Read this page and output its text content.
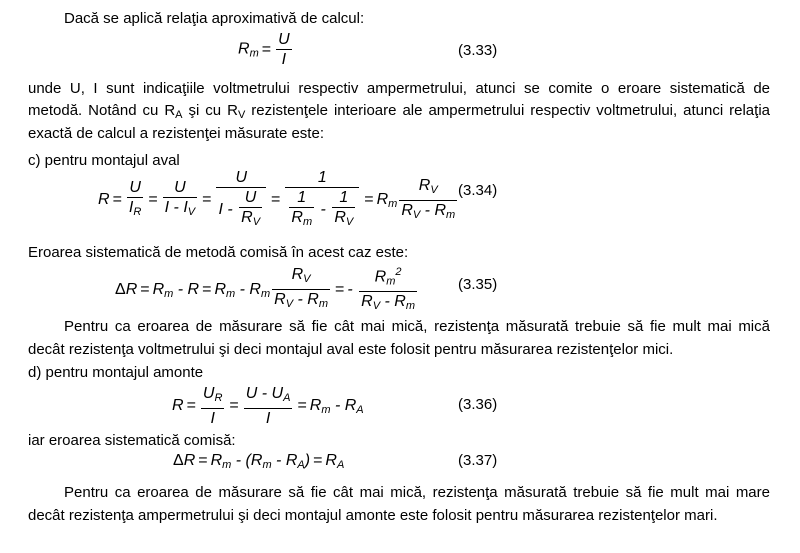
Dacă se aplică relaţia aproximativă de calcul:
$R_m = \frac{U}{I}$	(3.33)
unde U, I sunt indicaţiile voltmetrului respectiv ampermetrului, atunci se comite o eroare sistematică de
metodă. Notând cu $R_A$ şi cu $R_V$ rezistenţele interioare ale ampermetrului respectiv voltmetrului, atunci relaţia
exactă de calcul a rezistenţei măsurate este:
c) pentru montajul aval
$R = \frac{U}{I_R} = \frac{U}{I - I_V} = \frac{U}{I - \frac{U}{R_V}} = \frac{1}{\frac{1}{R_m} - \frac{1}{R_V}} = R_m \frac{R_V}{R_V - R_m} (3.34)$
Eroarea sistematică de metodă comisă în acest caz este:
$\Delta R = R_m - R = R_m - R_m \frac{R_V}{R_V - R_m}$ = - $\frac{R_m^2}{R_V - R_m}$	(3.35)
Pentru ca eroarea de măsurare să fie cât mai mică, rezistenţa măsurată trebuie să fie mult mai mică
decât rezistenţa voltmetrului şi deci montajul aval este folosit pentru măsurarea rezistenţelor mici.
d) pentru montajul amonte
$R = \frac{U_R}{I} = \frac{U - U_A}{I} = R_m - R_A$	(3.36)
iar eroarea sistematică comisă:
$\Delta R = R_m - (R_m - R_A) = R_A$	(3.37)
Pentru ca eroarea de măsurare să fie cât mai mică, rezistenţa măsurată trebuie să fie mult mai mare
decât rezistenţa ampermetrului şi deci montajul amonte este folosit pentru măsurarea rezistenţelor mari.
